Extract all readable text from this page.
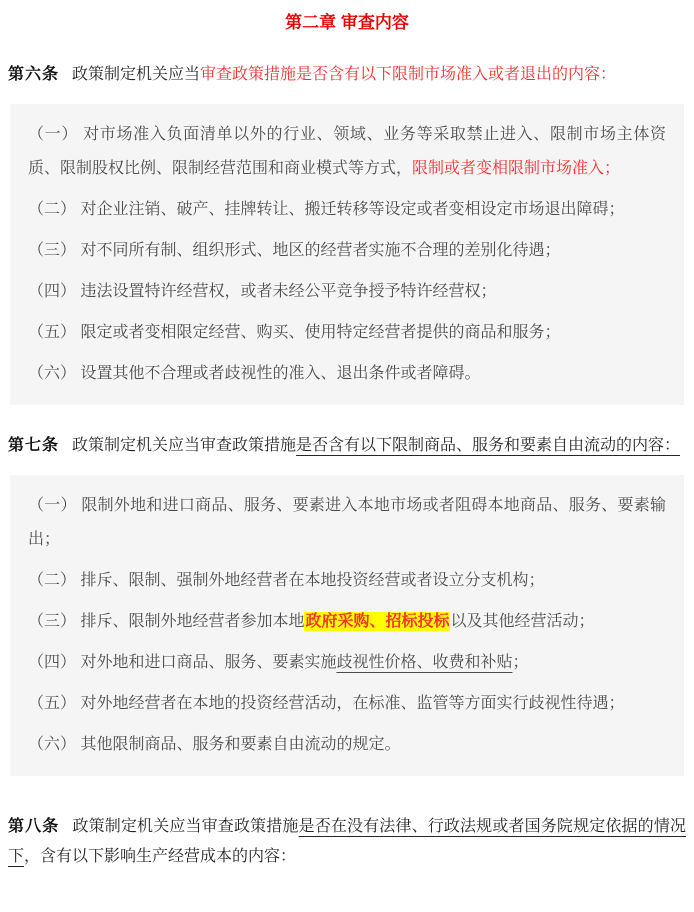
第二章 审查内容

第六条 政策制定机关应当审查政策措施是否含有以下限制市场准入或者退出的内容：

（一） 对市场准入负面清单以外的行业、领域、业务等采取禁止进入、限制市场主体资质、限制股权比例、限制经营范围和商业模式等方式，限制或者变相限制市场准入；

（二） 对企业注销、破产、挂牌转让、搬迁转移等设定或者变相设定市场退出障碍；

（三） 对不同所有制、组织形式、地区的经营者实施不合理的差别化待遇；

（四） 违法设置特许经营权，或者未经公平竞争授予特许经营权；

（五） 限定或者变相限定经营、购买、使用特定经营者提供的商品和服务；

（六） 设置其他不合理或者歧视性的准入、退出条件或者障碍。

第七条 政策制定机关应当审查政策措施是否含有以下限制商品、服务和要素自由流动的内容：

（一） 限制外地和进口商品、服务、要素进入本地市场或者阻碍本地商品、服务、要素输出；

（二） 排斥、限制、强制外地经营者在本地投资经营或者设立分支机构；

（三） 排斥、限制外地经营者参加本地政府采购、招标投标以及其他经营活动；

（四） 对外地和进口商品、服务、要素实施歧视性价格、收费和补贴；

（五） 对外地经营者在本地的投资经营活动，在标准、监管等方面实行歧视性待遇；

（六） 其他限制商品、服务和要素自由流动的规定。

第八条 政策制定机关应当审查政策措施是否在没有法律、行政法规或者国务院规定依据的情况下，含有以下影响生产经营成本的内容：
